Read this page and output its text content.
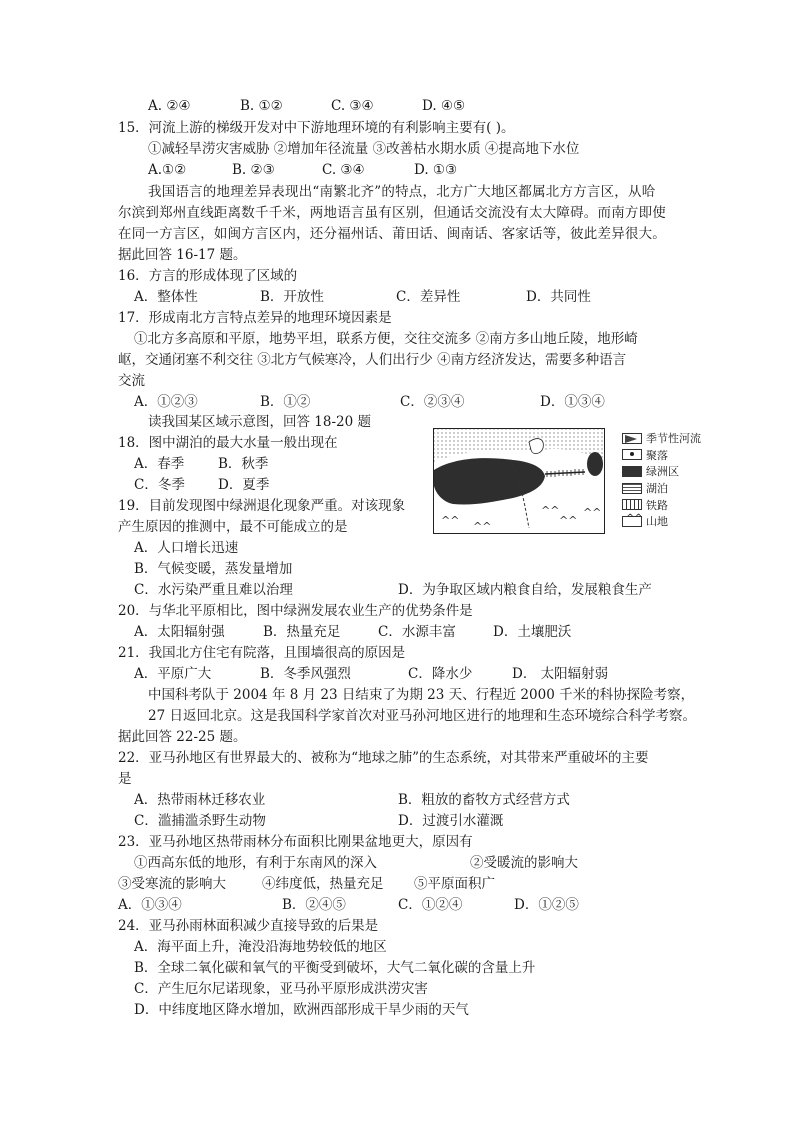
A. ②④	B. ①②	C. ③④	D. ④⑤
15．河流上游的梯级开发对中下游地理环境的有利影响主要有( )。
①减轻旱涝灾害威胁 ②增加年径流量 ③改善枯水期水质 ④提高地下水位
A.①②	B. ②③	C. ③④	D. ①③
我国语言的地理差异表现出“南繁北齐”的特点，北方广大地区都属北方方言区，从哈
尔滨到郑州直线距离数千千米，两地语言虽有区别，但通话交流没有太大障碍。而南方即使
在同一方言区，如闽方言区内，还分福州话、莆田话、闽南话、客家话等，彼此差异很大。
据此回答 16-17 题。
16．方言的形成体现了区域的
A．整体性	B．开放性	C．差异性	D．共同性
17．形成南北方言特点差异的地理环境因素是
①北方多高原和平原，地势平坦，联系方便，交往交流多 ②南方多山地丘陵，地形崎
岖，交通闭塞不利交往 ③北方气候寒冷，人们出行少 ④南方经济发达，需要多种语言
交流
A．①②③	B．①②	C．②③④	D．①③④
读我国某区域示意图，回答 18-20 题
^^ ^^
^^
^^
^^
季节性河流
聚落
绿洲区
湖泊
铁路
^^
山地
18．图中湖泊的最大水量一般出现在
A．春季	B．秋季
C．冬季 D．夏季
19．目前发现图中绿洲退化现象严重。对该现象
产生原因的推测中，最不可能成立的是
A．人口增长迅速
B．气候变暖，蒸发量增加
C．水污染严重且难以治理	D．为争取区域内粮食自给，发展粮食生产
20．与华北平原相比，图中绿洲发展农业生产的优势条件是
A．太阳辐射强	B．热量充足	C．水源丰富	D．土壤肥沃
21．我国北方住宅有院落，且围墙很高的原因是
A．平原广大	B．冬季风强烈	C．降水少	D． 太阳辐射弱
中国科考队于 2004 年 8 月 23 日结束了为期 23 天、行程近 2000 千米的科协探险考察，
27 日返回北京。这是我国科学家首次对亚马孙河地区进行的地理和生态环境综合科学考察。
据此回答 22-25 题。
22．亚马孙地区有世界最大的、被称为“地球之肺”的生态系统，对其带来严重破坏的主要
是
A．热带雨林迁移农业	B．粗放的畜牧方式经营方式
C．滥捕滥杀野生动物	D．过渡引水灌溉
23．亚马孙地区热带雨林分布面积比刚果盆地更大，原因有
①西高东低的地形，有利于东南风的深入	②受暖流的影响大
③受寒流的影响大	④纬度低，热量充足 ⑤平原面积广
A．①③④	B．②④⑤	C．①②④	D．①②⑤
24．亚马孙雨林面积减少直接导致的后果是
A．海平面上升，淹没沿海地势较低的地区
B．全球二氧化碳和氧气的平衡受到破坏，大气二氧化碳的含量上升
C．产生厄尔尼诺现象，亚马孙平原形成洪涝灾害
D．中纬度地区降水增加，欧洲西部形成干旱少雨的天气
